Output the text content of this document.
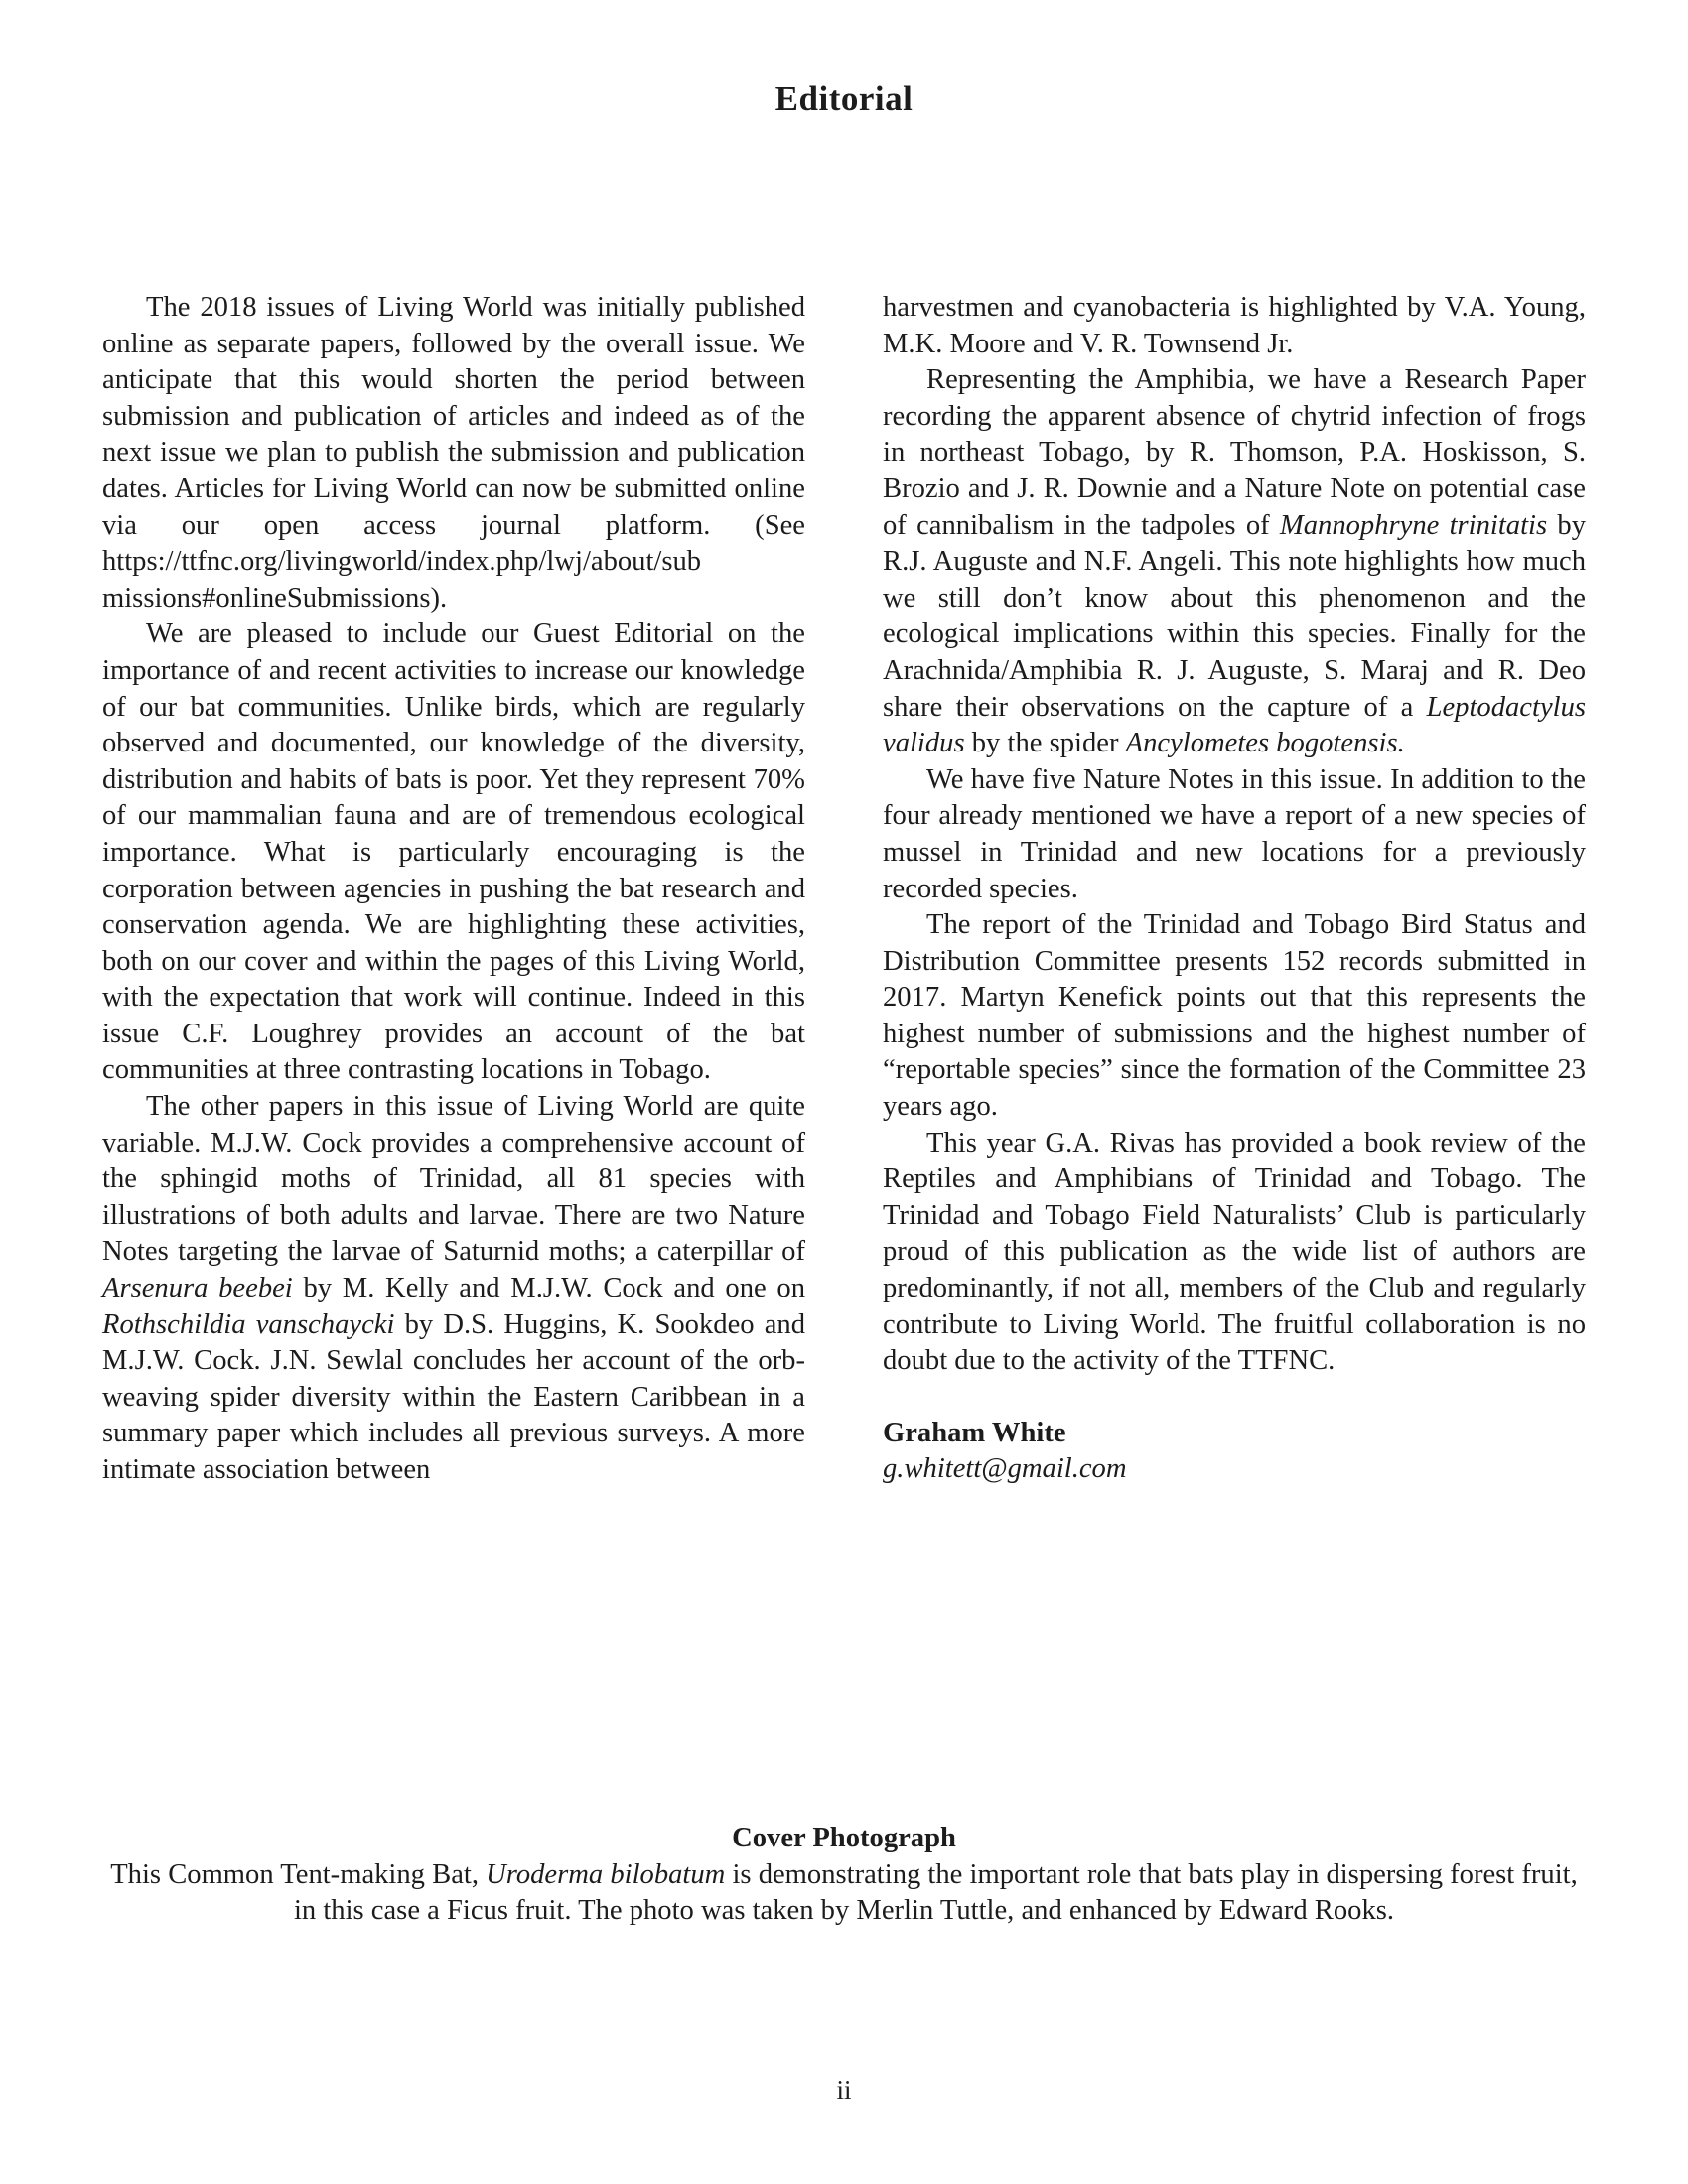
Editorial

The 2018 issues of Living World was initially published online as separate papers, followed by the overall issue. We anticipate that this would shorten the period between submission and publication of articles and indeed as of the next issue we plan to publish the submission and publication dates. Articles for Living World can now be submitted online via our open access journal platform. (See https://ttfnc.org/livingworld/index.php/lwj/about/sub​missions#onlineSubmissions).

We are pleased to include our Guest Editorial on the importance of and recent activities to increase our knowledge of our bat communities. Unlike birds, which are regularly observed and documented, our knowledge of the diversity, distribution and habits of bats is poor. Yet they represent 70% of our mammalian fauna and are of tremendous ecological importance. What is particularly encouraging is the corporation between agencies in pushing the bat research and conservation agenda. We are highlighting these activities, both on our cover and within the pages of this Living World, with the expectation that work will continue. Indeed in this issue C.F. Loughrey provides an account of the bat communities at three contrasting locations in Tobago.

The other papers in this issue of Living World are quite variable. M.J.W. Cock provides a comprehensive account of the sphingid moths of Trinidad, all 81 species with illustrations of both adults and larvae. There are two Nature Notes targeting the larvae of Saturnid moths; a caterpillar of Arsenura beebei by M. Kelly and M.J.W. Cock and one on Rothschildia vanschaycki by D.S. Huggins, K. Sookdeo and M.J.W. Cock. J.N. Sewlal concludes her account of the orb-weaving spider diversity within the Eastern Caribbean in a summary paper which includes all previous surveys. A more intimate association between

harvestmen and cyanobacteria is highlighted by V.A. Young, M.K. Moore and V. R. Townsend Jr.

Representing the Amphibia, we have a Research Paper recording the apparent absence of chytrid infection of frogs in northeast Tobago, by R. Thomson, P.A. Hoskisson, S. Brozio and J. R. Downie and a Nature Note on potential case of cannibalism in the tadpoles of Mannophryne trinitatis by R.J. Auguste and N.F. Angeli. This note highlights how much we still don’t know about this phenomenon and the ecological implications within this species. Finally for the Arachnida/Amphibia R. J. Auguste, S. Maraj and R. Deo share their observations on the capture of a Leptodactylus validus by the spider Ancylometes bogotensis.

We have five Nature Notes in this issue. In addition to the four already mentioned we have a report of a new species of mussel in Trinidad and new locations for a previously recorded species.

The report of the Trinidad and Tobago Bird Status and Distribution Committee presents 152 records submitted in 2017. Martyn Kenefick points out that this represents the highest number of submissions and the highest number of “reportable species” since the formation of the Committee 23 years ago.

This year G.A. Rivas has provided a book review of the Reptiles and Amphibians of Trinidad and Tobago. The Trinidad and Tobago Field Naturalists’ Club is particularly proud of this publication as the wide list of authors are predominantly, if not all, members of the Club and regularly contribute to Living World. The fruitful collaboration is no doubt due to the activity of the TTFNC.

Graham White
g.whitett@gmail.com
Cover Photograph
This Common Tent-making Bat, Uroderma bilobatum is demonstrating the important role that bats play in dispersing forest fruit, in this case a Ficus fruit. The photo was taken by Merlin Tuttle, and enhanced by Edward Rooks.
ii
